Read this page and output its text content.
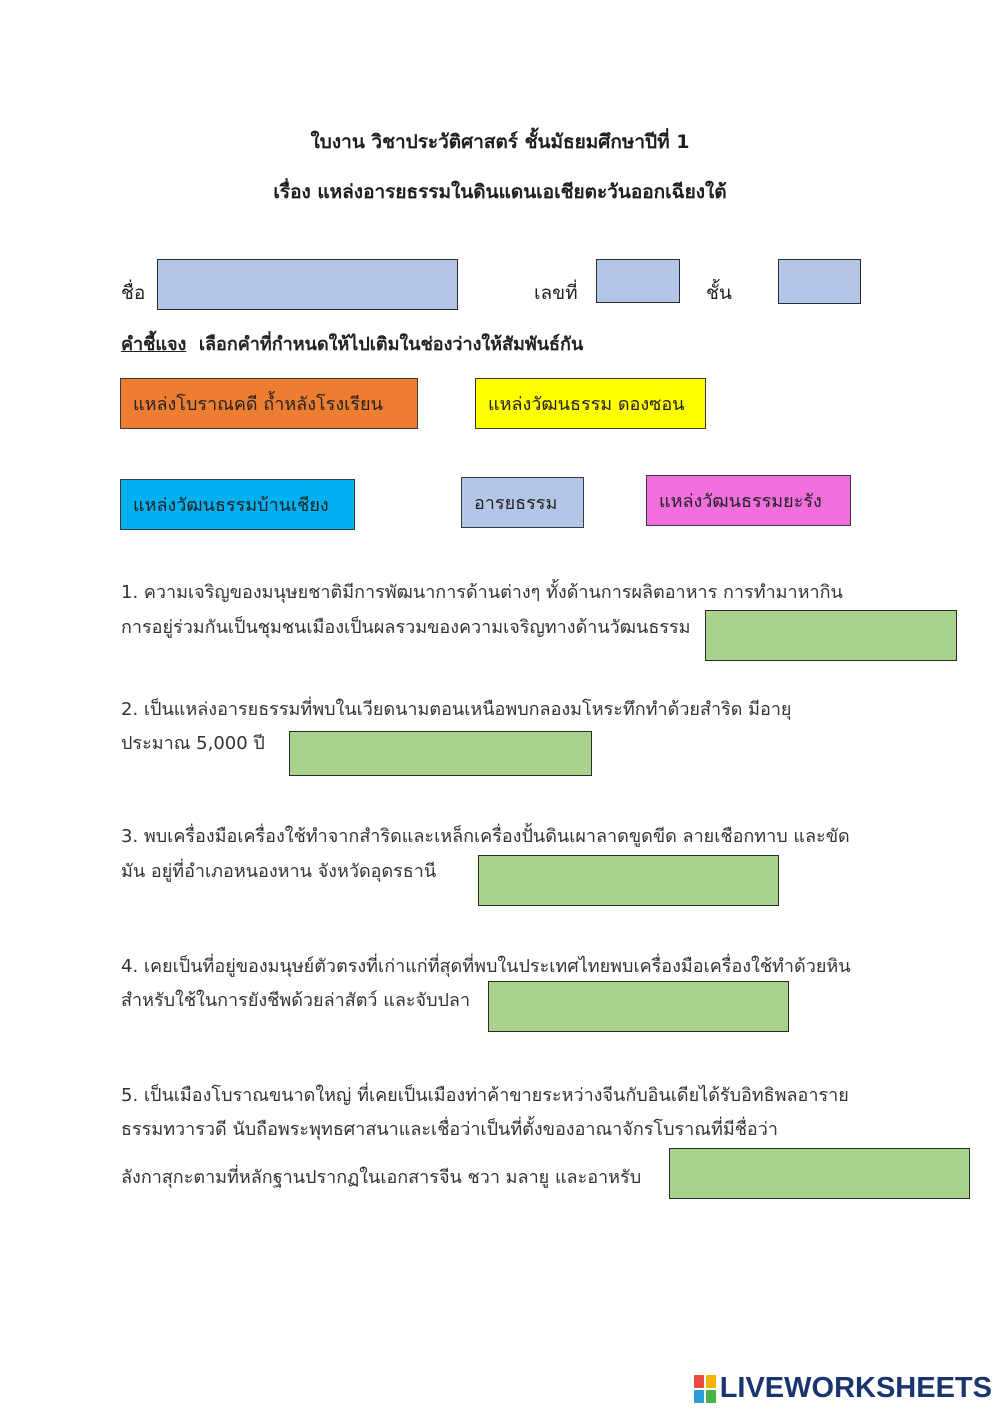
ใบงาน วิชาประวัติศาสตร์ ชั้นมัธยมศึกษาปีที่ 1
เรื่อง แหล่งอารยธรรมในดินแดนเอเชียตะวันออกเฉียงใต้
ชื่อ	เลขที่	ชั้น
คำชี้แจง เลือกคำที่กำหนดให้ไปเติมในช่องว่างให้สัมพันธ์กัน
แหล่งโบราณคดี ถ้ำหลังโรงเรียน	แหล่งวัฒนธรรม ดองซอน
แหล่งวัฒนธรรมบ้านเชียง	อารยธรรม	แหล่งวัฒนธรรมยะรัง
1. ความเจริญของมนุษยชาติมีการพัฒนาการด้านต่างๆ ทั้งด้านการผลิตอาหาร การทำมาหากิน
การอยู่ร่วมกันเป็นชุมชนเมืองเป็นผลรวมของความเจริญทางด้านวัฒนธรรม
2. เป็นแหล่งอารยธรรมที่พบในเวียดนามตอนเหนือพบกลองมโหระทึกทำด้วยสำริด มีอายุ
ประมาณ 5,000 ปี
3. พบเครื่องมือเครื่องใช้ทำจากสำริดและเหล็กเครื่องปั้นดินเผาลาดขูดขีด ลายเชือกทาบ และขัด
มัน อยู่ที่อำเภอหนองหาน จังหวัดอุดรธานี
4. เคยเป็นที่อยู่ของมนุษย์ตัวตรงที่เก่าแก่ที่สุดที่พบในประเทศไทยพบเครื่องมือเครื่องใช้ทำด้วยหิน
สำหรับใช้ในการยังชีพด้วยล่าสัตว์ และจับปลา
5. เป็นเมืองโบราณขนาดใหญ่ ที่เคยเป็นเมืองท่าค้าขายระหว่างจีนกับอินเดียได้รับอิทธิพลอาราย
ธรรมทวารวดี นับถือพระพุทธศาสนาและเชื่อว่าเป็นที่ตั้งของอาณาจักรโบราณที่มีชื่อว่า
ลังกาสุกะตามที่หลักฐานปรากฏในเอกสารจีน ชวา มลายู และอาหรับ
LIVEWORKSHEETS
